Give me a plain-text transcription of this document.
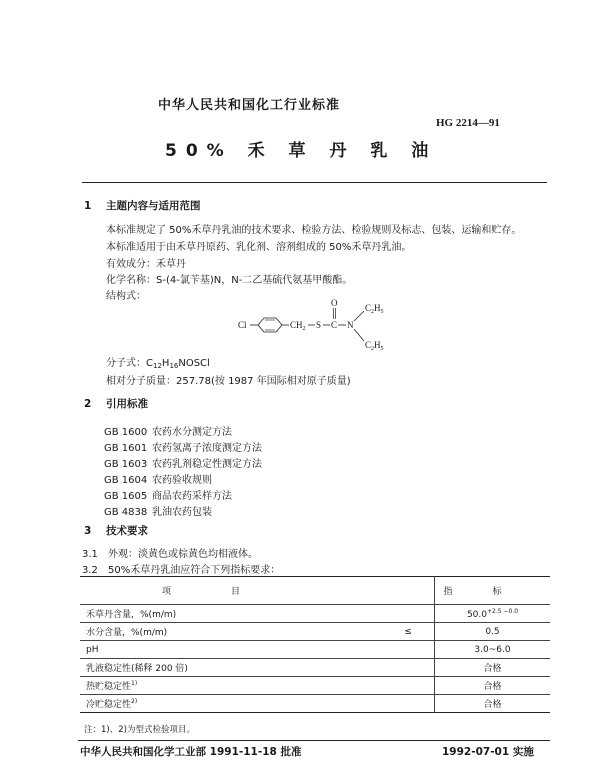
中华人民共和国化工行业标准
HG 2214—91
50% 禾 草 丹 乳 油
1 主题内容与适用范围
本标准规定了 50%禾草丹乳油的技术要求、检验方法、检验规则及标志、包装、运输和贮存。
本标准适用于由禾草丹原药、乳化剂、溶剂组成的 50%禾草丹乳油。
有效成分：禾草丹
化学名称：S-(4-氯苄基)N，N-二乙基硫代氨基甲酸酯。
结构式：
Cl	$CH_2$ S C
O
N
$C_2H_5$
$C_2H_5$
分子式：$C_{12}H_{16}NOSCl$
相对分子质量：257.78(按 1987 年国际相对原子质量)
2 引用标准
GB 1600 农药水分测定方法
GB 1601 农药氢离子浓度测定方法
GB 1603 农药乳剂稳定性测定方法
GB 1604 农药验收规则
GB 1605 商品农药采样方法
GB 4838 乳油农药包装
3 技术要求
3.1 外观：淡黄色或棕黄色均相液体。
3.2 50%禾草丹乳油应符合下列指标要求：
项目		指标
禾草丹含量，%(m/m)		$50.0^{+2.5 -0.0}$
水分含量，%(m/m)	≤	0.5
pH		3.0~6.0
乳液稳定性(稀释 200 倍)		合格
热贮稳定性$^{1)}$		合格
冷贮稳定性$^{2)}$		合格
注：1)、2)为型式检验项目。
中华人民共和国化学工业部 1991-11-18 批准	1992-07-01 实施
